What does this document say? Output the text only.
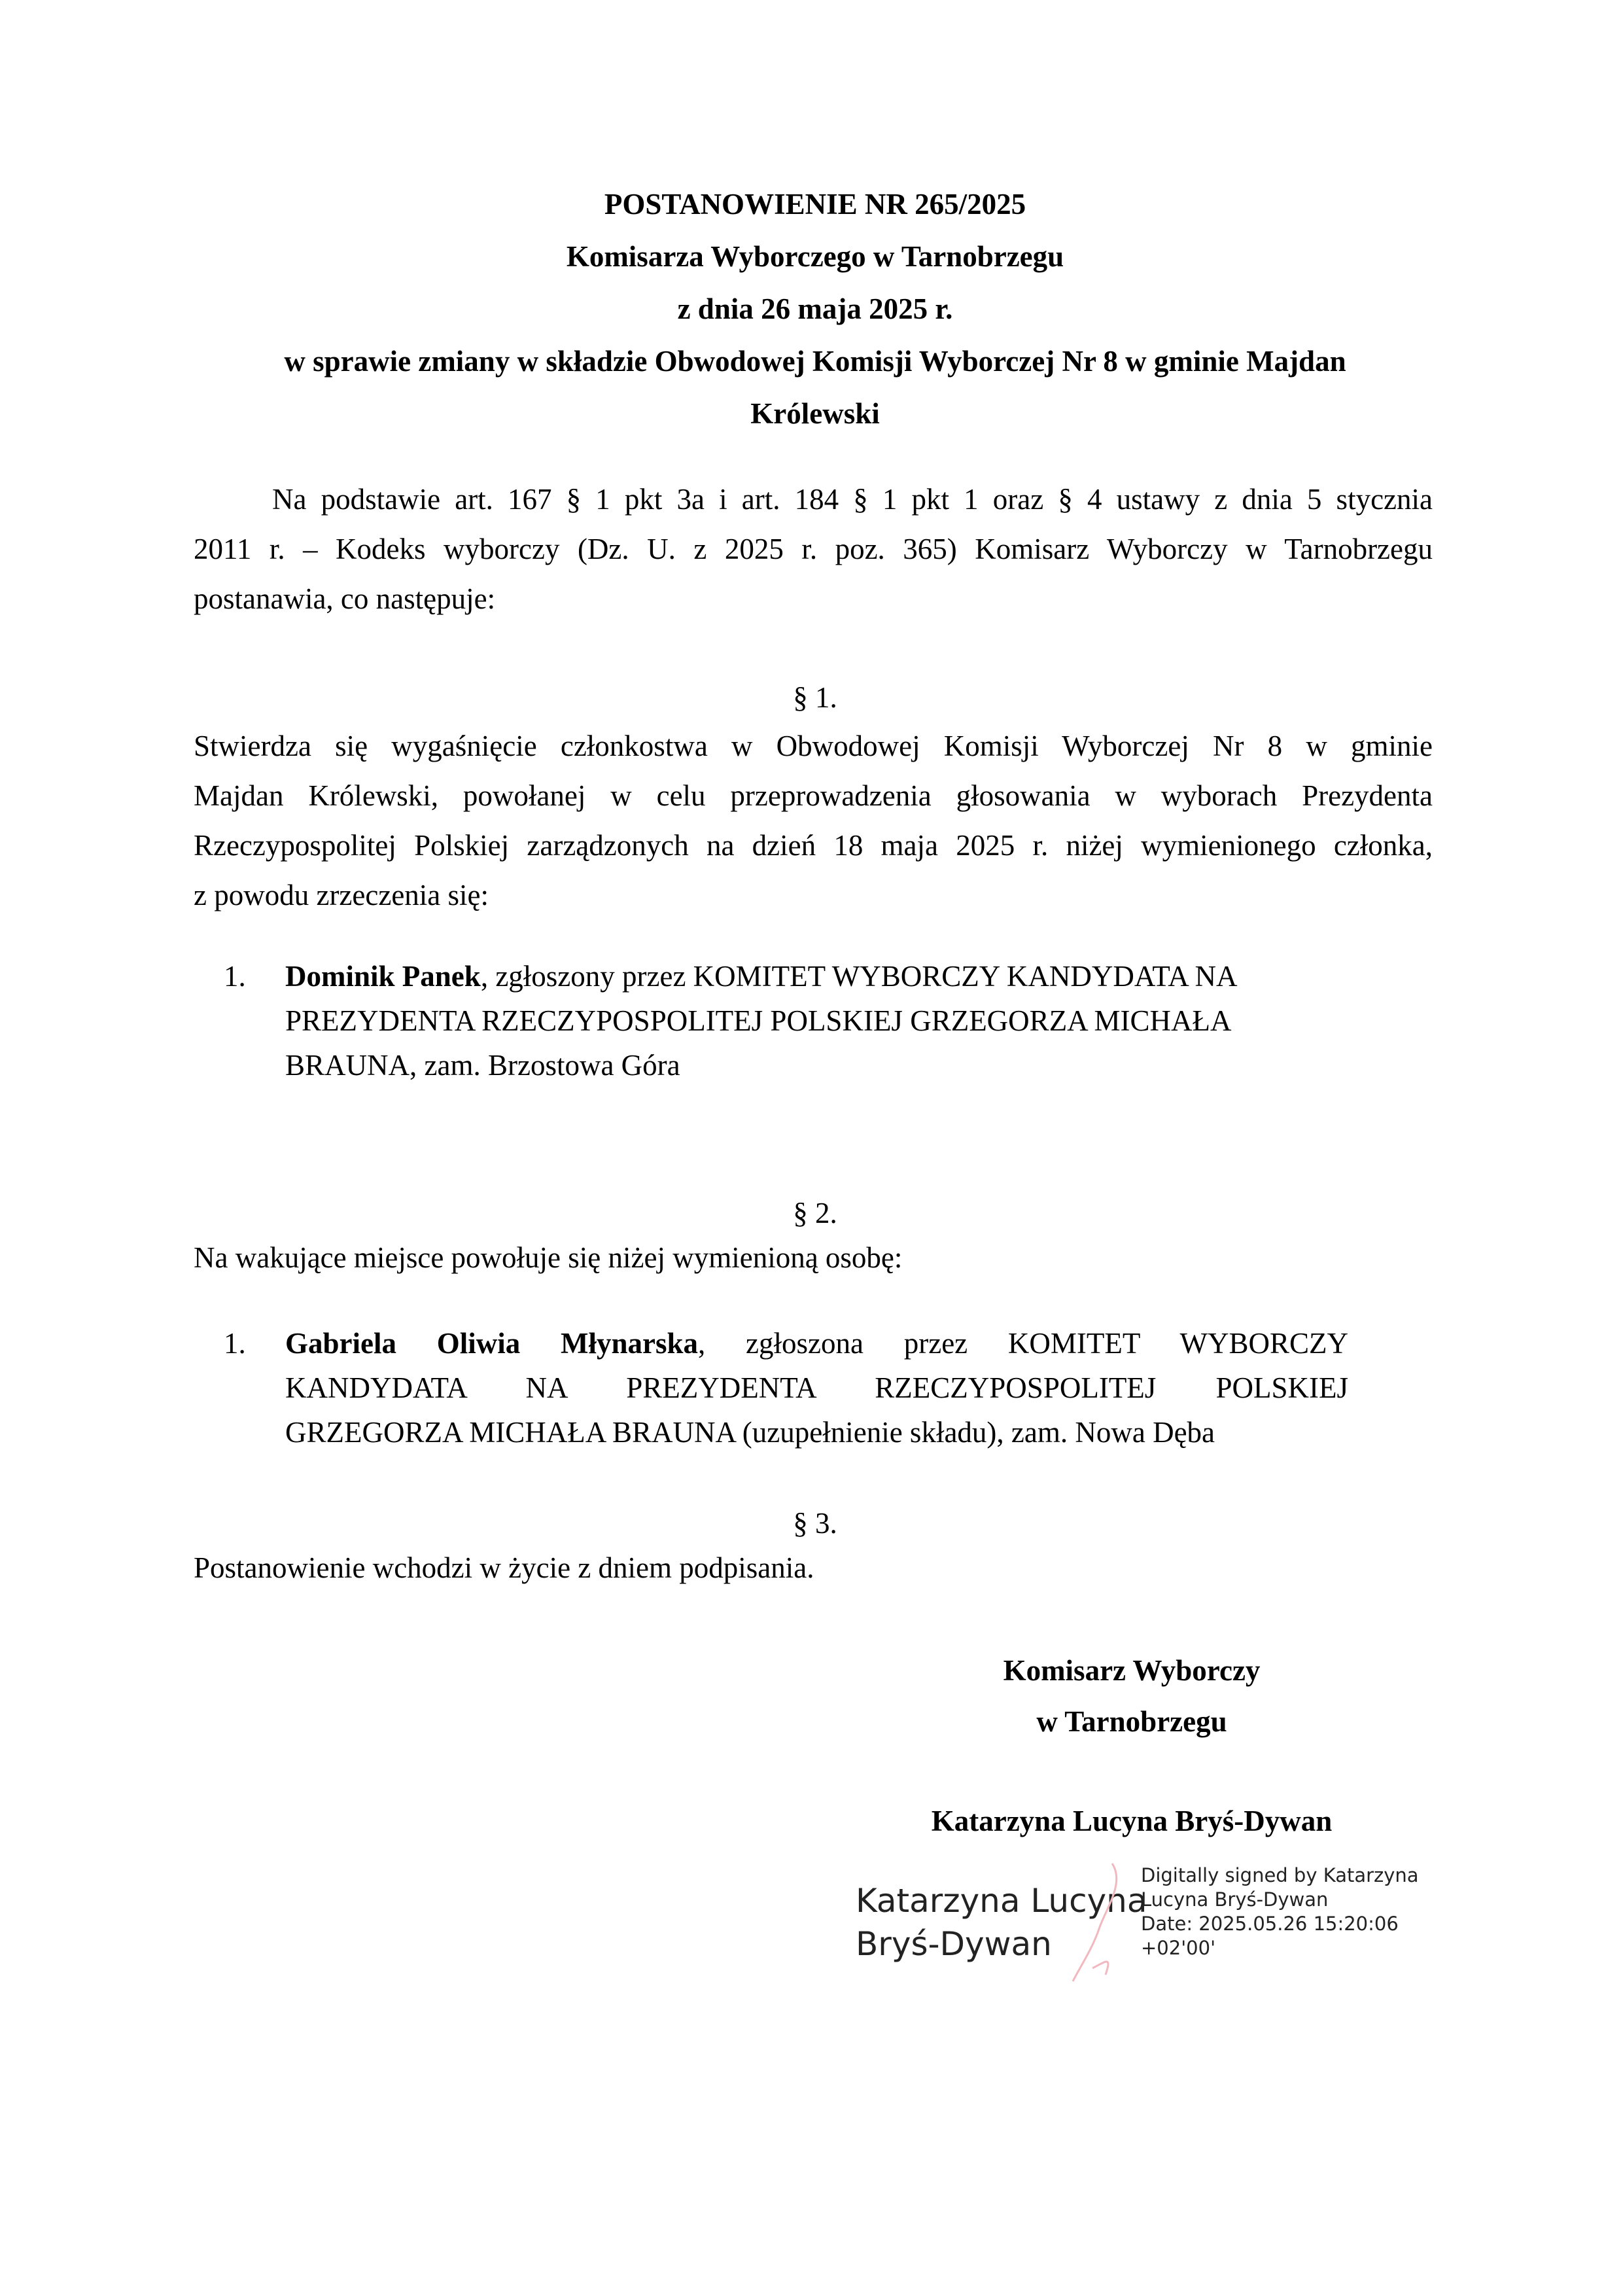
POSTANOWIENIE NR 265/2025
Komisarza Wyborczego w Tarnobrzegu
z dnia 26 maja 2025 r.
w sprawie zmiany w składzie Obwodowej Komisji Wyborczej Nr 8 w gminie Majdan
Królewski
Na podstawie art. 167 § 1 pkt 3a i art. 184 § 1 pkt 1 oraz § 4 ustawy z dnia 5 stycznia
2011 r. – Kodeks wyborczy (Dz. U. z 2025 r. poz. 365) Komisarz Wyborczy w Tarnobrzegu
postanawia, co następuje:
§ 1.
Stwierdza się wygaśnięcie członkostwa w Obwodowej Komisji Wyborczej Nr 8 w gminie
Majdan Królewski, powołanej w celu przeprowadzenia głosowania w wyborach Prezydenta
Rzeczypospolitej Polskiej zarządzonych na dzień 18 maja 2025 r. niżej wymienionego członka,
z powodu zrzeczenia się:
1. Dominik Panek, zgłoszony przez KOMITET WYBORCZY KANDYDATA NA
PREZYDENTA RZECZYPOSPOLITEJ POLSKIEJ GRZEGORZA MICHAŁA
BRAUNA, zam. Brzostowa Góra
§ 2.
Na wakujące miejsce powołuje się niżej wymienioną osobę:
1. Gabriela Oliwia Młynarska, zgłoszona przez KOMITET WYBORCZY
KANDYDATA NA PREZYDENTA RZECZYPOSPOLITEJ POLSKIEJ
GRZEGORZA MICHAŁA BRAUNA (uzupełnienie składu), zam. Nowa Dęba
§ 3.
Postanowienie wchodzi w życie z dniem podpisania.
Komisarz Wyborczy
w Tarnobrzegu
Katarzyna Lucyna Bryś-Dywan
Katarzyna Lucyna
Bryś-Dywan
Digitally signed by Katarzyna
Lucyna Bryś-Dywan
Date: 2025.05.26 15:20:06
+02'00'
